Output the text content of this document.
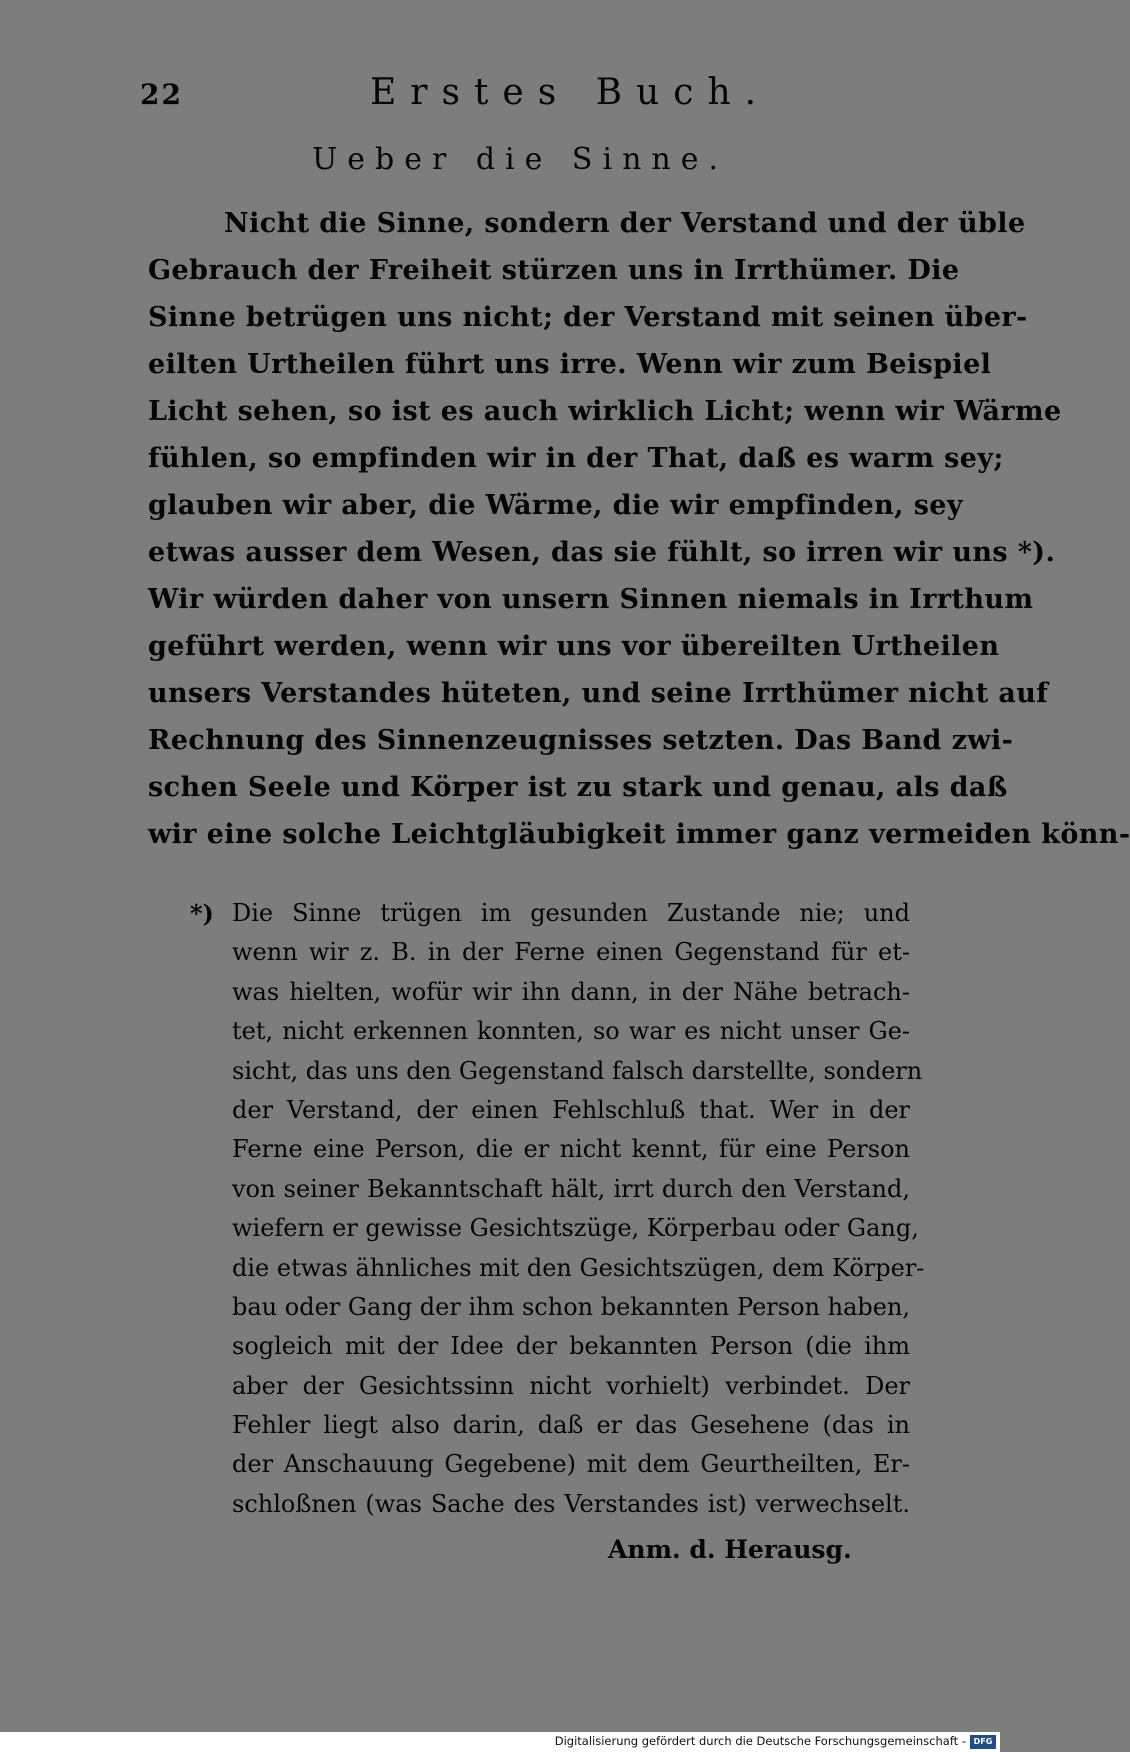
22	Erstes Buch.
Ueber die Sinne.
Nicht die Sinne, sondern der Verstand und der üble
Gebrauch der Freiheit stürzen uns in Irrthümer. Die
Sinne betrügen uns nicht; der Verstand mit seinen über-
eilten Urtheilen führt uns irre. Wenn wir zum Beispiel
Licht sehen, so ist es auch wirklich Licht; wenn wir Wärme
fühlen, so empfinden wir in der That, daß es warm sey;
glauben wir aber, die Wärme, die wir empfinden, sey
etwas ausser dem Wesen, das sie fühlt, so irren wir uns *).
Wir würden daher von unsern Sinnen niemals in Irrthum
geführt werden, wenn wir uns vor übereilten Urtheilen
unsers Verstandes hüteten, und seine Irrthümer nicht auf
Rechnung des Sinnenzeugnisses setzten. Das Band zwi-
schen Seele und Körper ist zu stark und genau, als daß
wir eine solche Leichtgläubigkeit immer ganz vermeiden könn-
*) Die Sinne trügen im gesunden Zustande nie; und
wenn wir z. B. in der Ferne einen Gegenstand für et-
was hielten, wofür wir ihn dann, in der Nähe betrach-
tet, nicht erkennen konnten, so war es nicht unser Ge-
sicht, das uns den Gegenstand falsch darstellte, sondern
der Verstand, der einen Fehlschluß that. Wer in der
Ferne eine Person, die er nicht kennt, für eine Person
von seiner Bekanntschaft hält, irrt durch den Verstand,
wiefern er gewisse Gesichtszüge, Körperbau oder Gang,
die etwas ähnliches mit den Gesichtszügen, dem Körper-
bau oder Gang der ihm schon bekannten Person haben,
sogleich mit der Idee der bekannten Person (die ihm
aber der Gesichtssinn nicht vorhielt) verbindet. Der
Fehler liegt also darin, daß er das Gesehene (das in
der Anschauung Gegebene) mit dem Geurtheilten, Er-
schloßnen (was Sache des Verstandes ist) verwechselt.
Anm. d. Herausg.
Digitalisierung gefördert durch die Deutsche Forschungsgemeinschaft - DFG
